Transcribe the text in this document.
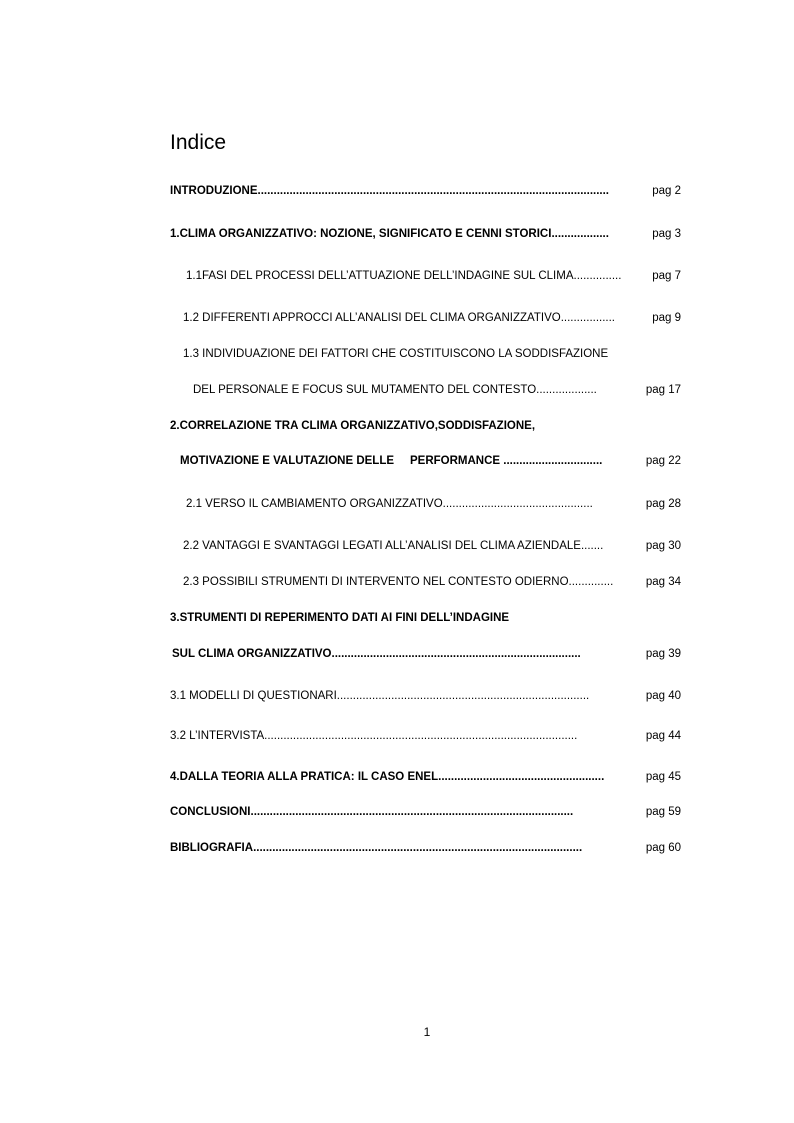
Indice
INTRODUZIONE ..............................................................................................................	pag 2
1.CLIMA ORGANIZZATIVO: NOZIONE, SIGNIFICATO E CENNI STORICI ..................	pag 3
1.1FASI DEL PROCESSI DELL’ATTUAZIONE DELL’INDAGINE SUL CLIMA ...............	pag 7
1.2 DIFFERENTI APPROCCI ALL’ANALISI DEL CLIMA ORGANIZZATIVO .................	pag 9
1.3 INDIVIDUAZIONE DEI FATTORI CHE COSTITUISCONO LA SODDISFAZIONE
DEL PERSONALE E FOCUS SUL MUTAMENTO DEL CONTESTO ...................	pag 17
2.CORRELAZIONE TRA CLIMA ORGANIZZATIVO,SODDISFAZIONE,
MOTIVAZIONE E VALUTAZIONE DELLE     PERFORMANCE ...............................	pag 22
2.1 VERSO IL CAMBIAMENTO ORGANIZZATIVO ...............................................	pag 28
2.2 VANTAGGI E SVANTAGGI LEGATI ALL’ANALISI DEL CLIMA AZIENDALE .......	pag 30
2.3 POSSIBILI STRUMENTI DI INTERVENTO NEL CONTESTO ODIERNO ..............	pag 34
3.STRUMENTI DI REPERIMENTO DATI AI FINI DELL’INDAGINE
SUL CLIMA ORGANIZZATIVO ..............................................................................	pag 39
3.1 MODELLI DI QUESTIONARI ...............................................................................	pag 40
3.2 L’INTERVISTA ..................................................................................................	pag 44
4.DALLA TEORIA ALLA PRATICA: IL CASO ENEL ....................................................	pag 45
CONCLUSIONI .....................................................................................................	pag 59
BIBLIOGRAFIA .......................................................................................................	pag 60
1
